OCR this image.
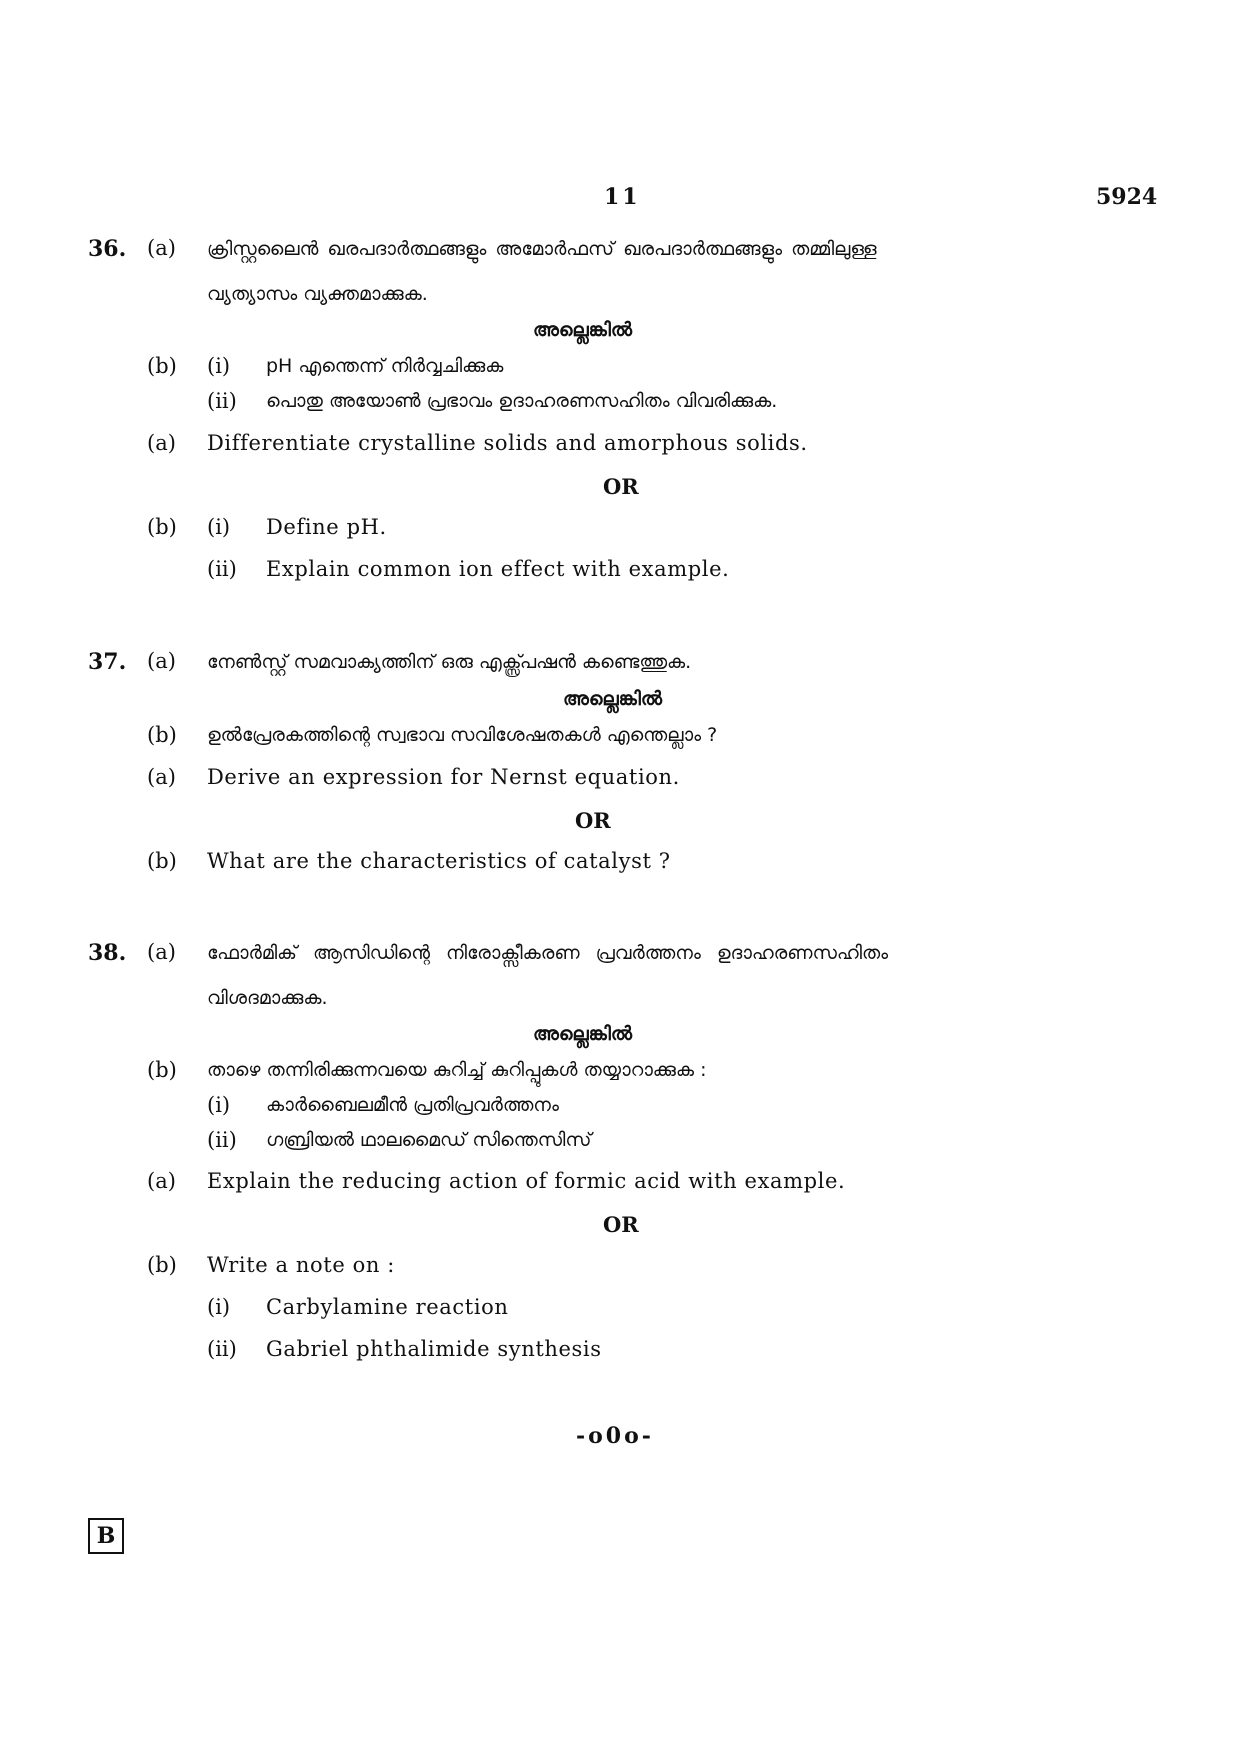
11	5924
36. (a) ക്രിസ്റ്റലൈൻ ഖരപദാർത്ഥങ്ങളും അമോർഫസ് ഖരപദാർത്ഥങ്ങളും തമ്മിലുള്ള
വ്യത്യാസം വ്യക്തമാക്കുക.
അല്ലെങ്കിൽ
(b) (i) pH എന്തെന്ന് നിർവ്വചിക്കുക
(ii) പൊതു അയോൺ പ്രഭാവം ഉദാഹരണസഹിതം വിവരിക്കുക.
(a) Differentiate crystalline solids and amorphous solids.
OR
(b) (i) Define pH.
(ii) Explain common ion effect with example.
37. (a) നേൺസ്റ്റ് സമവാക്യത്തിന് ഒരു എക്സ്പ്രഷൻ കണ്ടെത്തുക.
അല്ലെങ്കിൽ
(b) ഉൽപ്രേരകത്തിന്റെ സ്വഭാവ സവിശേഷതകൾ എന്തെല്ലാം ?
(a) Derive an expression for Nernst equation.
OR
(b) What are the characteristics of catalyst ?
38. (a) ഫോർമിക് ആസിഡിന്റെ നിരോക്സീകരണ പ്രവർത്തനം ഉദാഹരണസഹിതം
വിശദമാക്കുക.
അല്ലെങ്കിൽ
(b) താഴെ തന്നിരിക്കുന്നവയെ കുറിച്ച് കുറിപ്പുകൾ തയ്യാറാക്കുക :
(i) കാർബൈലമീൻ പ്രതിപ്രവർത്തനം
(ii) ഗബ്രിയൽ ഥാലമൈഡ് സിന്തെസിസ്
(a) Explain the reducing action of formic acid with example.
OR
(b) Write a note on :
(i) Carbylamine reaction
(ii) Gabriel phthalimide synthesis
-o0o-
B
